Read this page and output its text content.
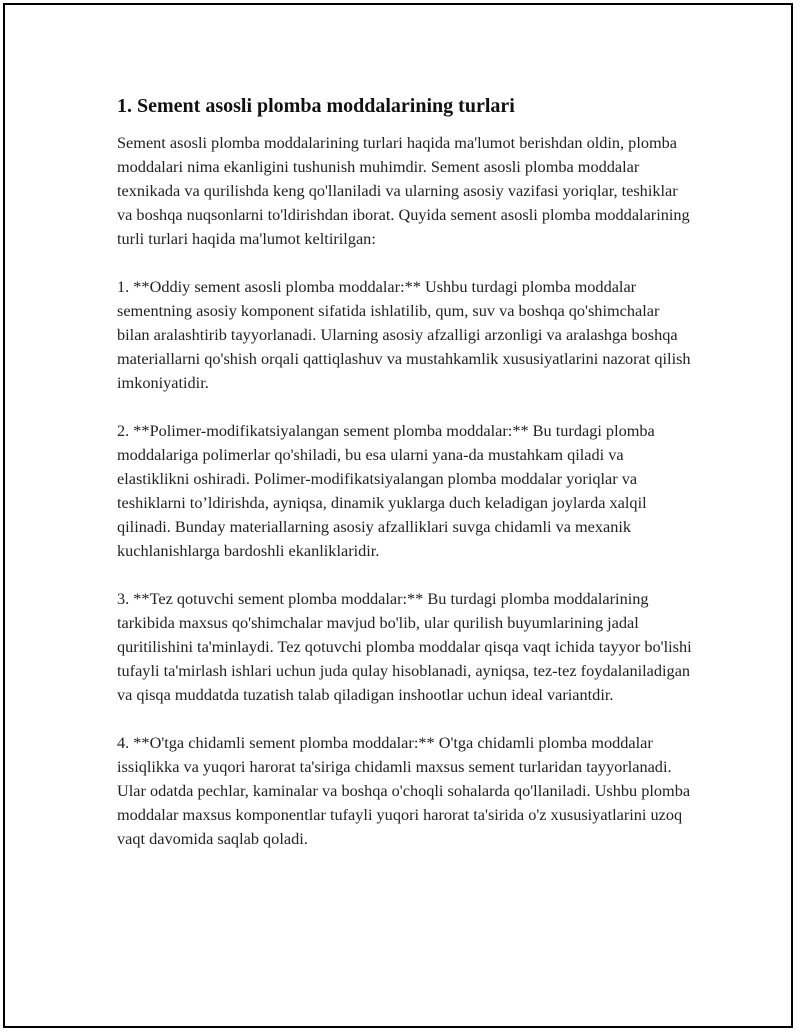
1. Sement asosli plomba moddalarining turlari

Sement asosli plomba moddalarining turlari haqida ma'lumot berishdan oldin, plomba moddalari nima ekanligini tushunish muhimdir. Sement asosli plomba moddalar texnikada va qurilishda keng qo'llaniladi va ularning asosiy vazifasi yoriqlar, teshiklar va boshqa nuqsonlarni to'ldirishdan iborat. Quyida sement asosli plomba moddalarining turli turlari haqida ma'lumot keltirilgan:

1. **Oddiy sement asosli plomba moddalar:** Ushbu turdagi plomba moddalar sementning asosiy komponent sifatida ishlatilib, qum, suv va boshqa qo'shimchalar bilan aralashtirib tayyorlanadi. Ularning asosiy afzalligi arzonligi va aralashga boshqa materiallarni qo'shish orqali qattiqlashuv va mustahkamlik xususiyatlarini nazorat qilish imkoniyatidir.

2. **Polimer-modifikatsiyalangan sement plomba moddalar:** Bu turdagi plomba moddalariga polimerlar qo'shiladi, bu esa ularni yana-da mustahkam qiladi va elastiklikni oshiradi. Polimer-modifikatsiyalangan plomba moddalar yoriqlar va teshiklarni to’ldirishda, ayniqsa, dinamik yuklarga duch keladigan joylarda xalqil qilinadi. Bunday materiallarning asosiy afzalliklari suvga chidamli va mexanik kuchlanishlarga bardoshli ekanliklaridir.

3. **Tez qotuvchi sement plomba moddalar:** Bu turdagi plomba moddalarining tarkibida maxsus qo'shimchalar mavjud bo'lib, ular qurilish buyumlarining jadal quritilishini ta'minlaydi. Tez qotuvchi plomba moddalar qisqa vaqt ichida tayyor bo'lishi tufayli ta'mirlash ishlari uchun juda qulay hisoblanadi, ayniqsa, tez-tez foydalaniladigan va qisqa muddatda tuzatish talab qiladigan inshootlar uchun ideal variantdir.

4. **O'tga chidamli sement plomba moddalar:** O'tga chidamli plomba moddalar issiqlikka va yuqori harorat ta'siriga chidamli maxsus sement turlaridan tayyorlanadi. Ular odatda pechlar, kaminalar va boshqa o'choqli sohalarda qo'llaniladi. Ushbu plomba moddalar maxsus komponentlar tufayli yuqori harorat ta'sirida o'z xususiyatlarini uzoq vaqt davomida saqlab qoladi.
